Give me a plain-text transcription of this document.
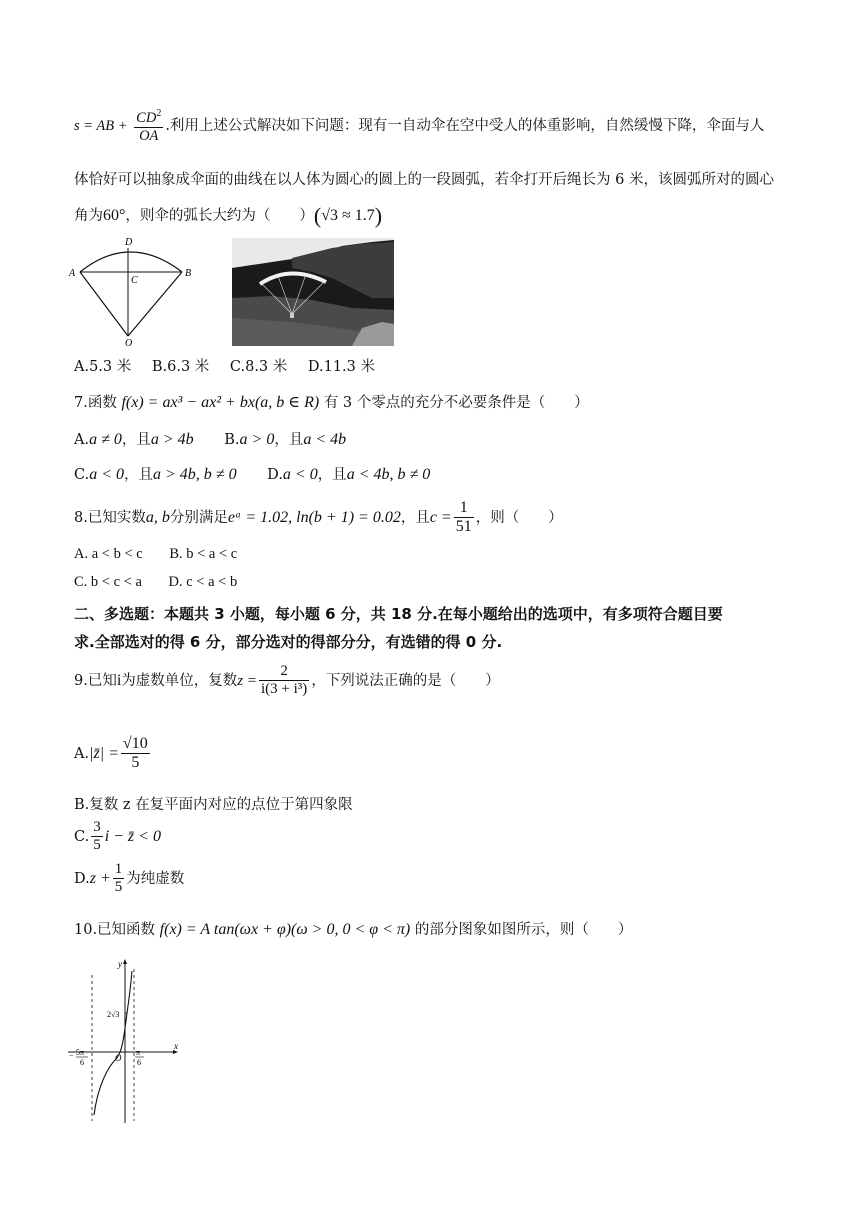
s = AB + $\frac{CD^2}{OA}$ .利用上述公式解决如下问题：现有一自动伞在空中受人的体重影响，自然缓慢下降，伞面与人
体恰好可以抽象成伞面的曲线在以人体为圆心的圆上的一段圆弧，若伞打开后绳长为 6 米，该圆弧所对的圆心
角为60°，则伞的弧长大约为（　　）(√3 ≈ 1.7)
D
A	B
C
O
A.5.3 米 B.6.3 米 C.8.3 米 D.11.3 米
7.函数 f(x) = ax³ − ax² + bx(a, b ∈ R) 有 3 个零点的充分不必要条件是（　　）
A.a ≠ 0，且a > 4b B.a > 0，且a < 4b
C.a < 0，且a > 4b, b ≠ 0 D.a < 0，且a < 4b, b ≠ 0
8.已知实数a, b分别满足eᵃ = 1.02, ln(b + 1) = 0.02，且$c = \frac{1}{51}$ ，则（　　）
A. a < b < c B. b < a < c
C. b < c < a D. c < a < b
二、多选题：本题共 3 小题，每小题 6 分，共 18 分.在每小题给出的选项中，有多项符合题目要
求.全部选对的得 6 分，部分选对的得部分分，有选错的得 0 分.
9.已知i为虚数单位，复数$z = \frac{2}{\text{i(3 + i³)}}$ ，下列说法正确的是（　　）
A.|z̄| = $\frac{√10}{5}$
B.复数 z 在复平面内对应的点位于第四象限
C. $\frac{3}{5}$ i − z̄ < 0
$D.z + \frac{1}{5}$ 为纯虚数
10.已知函数 f(x) = A tan(ωx + φ)(ω > 0, 0 < φ < π) 的部分图象如图所示，则（　　）
y
x
O
2√3
− 5π
6
π
6
